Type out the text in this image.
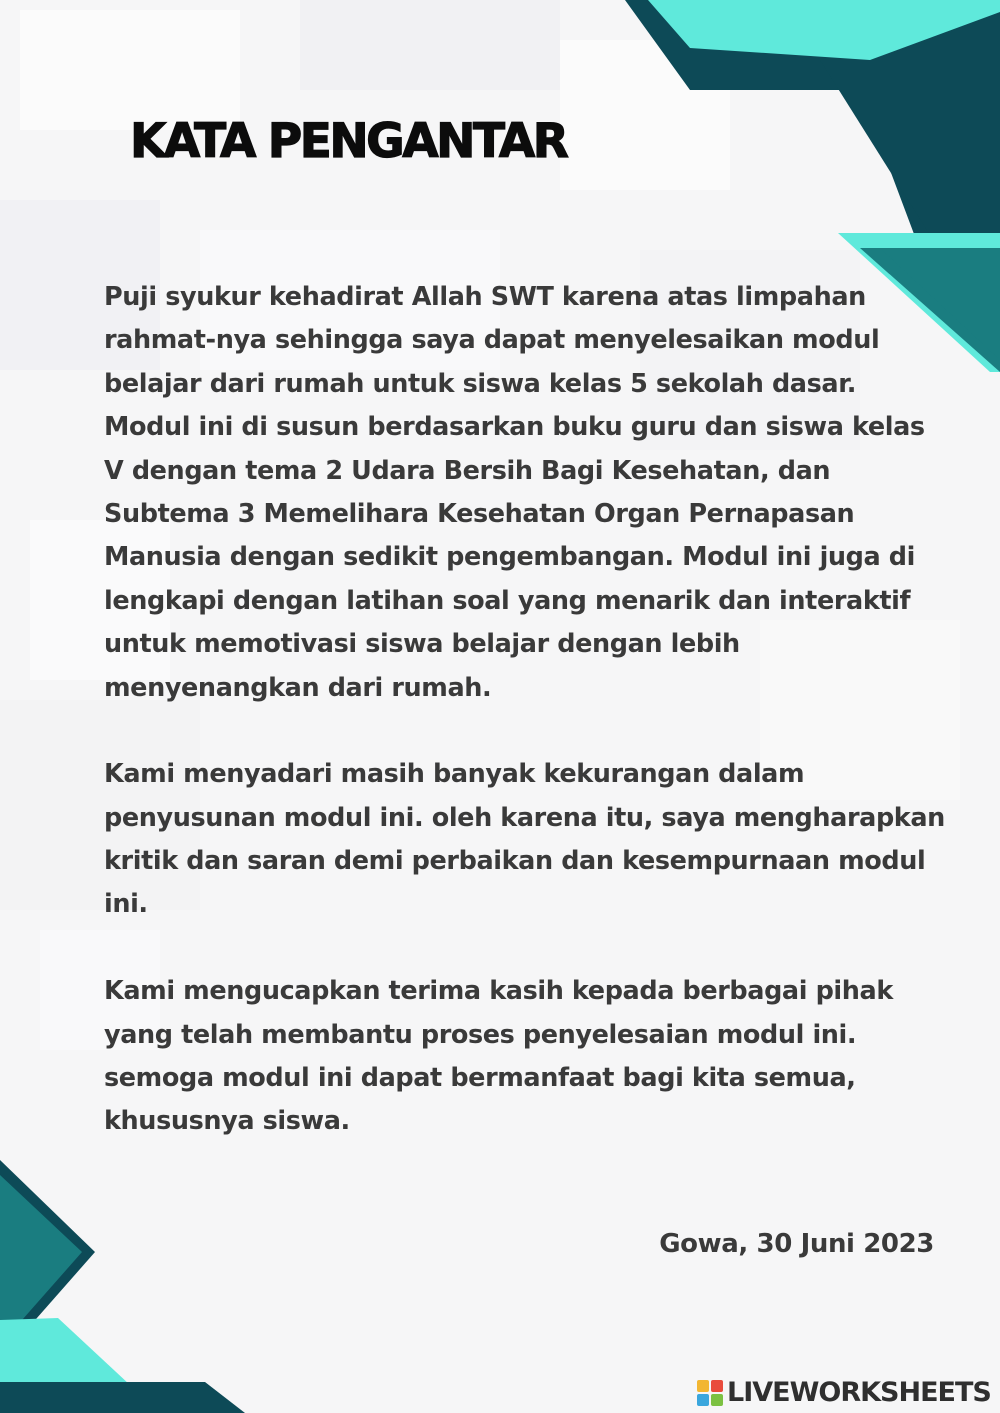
KATA PENGANTAR
Puji syukur kehadirat Allah SWT karena atas limpahan
rahmat-nya sehingga saya dapat menyelesaikan modul
belajar dari rumah untuk siswa kelas 5 sekolah dasar.
Modul ini di susun berdasarkan buku guru dan siswa kelas
V dengan tema 2 Udara Bersih Bagi Kesehatan, dan
Subtema 3 Memelihara Kesehatan Organ Pernapasan
Manusia dengan sedikit pengembangan. Modul ini juga di
lengkapi dengan latihan soal yang menarik dan interaktif
untuk memotivasi siswa belajar dengan lebih
menyenangkan dari rumah.
Kami menyadari masih banyak kekurangan dalam
penyusunan modul ini. oleh karena itu, saya mengharapkan
kritik dan saran demi perbaikan dan kesempurnaan modul
ini.
Kami mengucapkan terima kasih kepada berbagai pihak
yang telah membantu proses penyelesaian modul ini.
semoga modul ini dapat bermanfaat bagi kita semua,
khususnya siswa.
Gowa, 30 Juni 2023
LIVEWORKSHEETS
